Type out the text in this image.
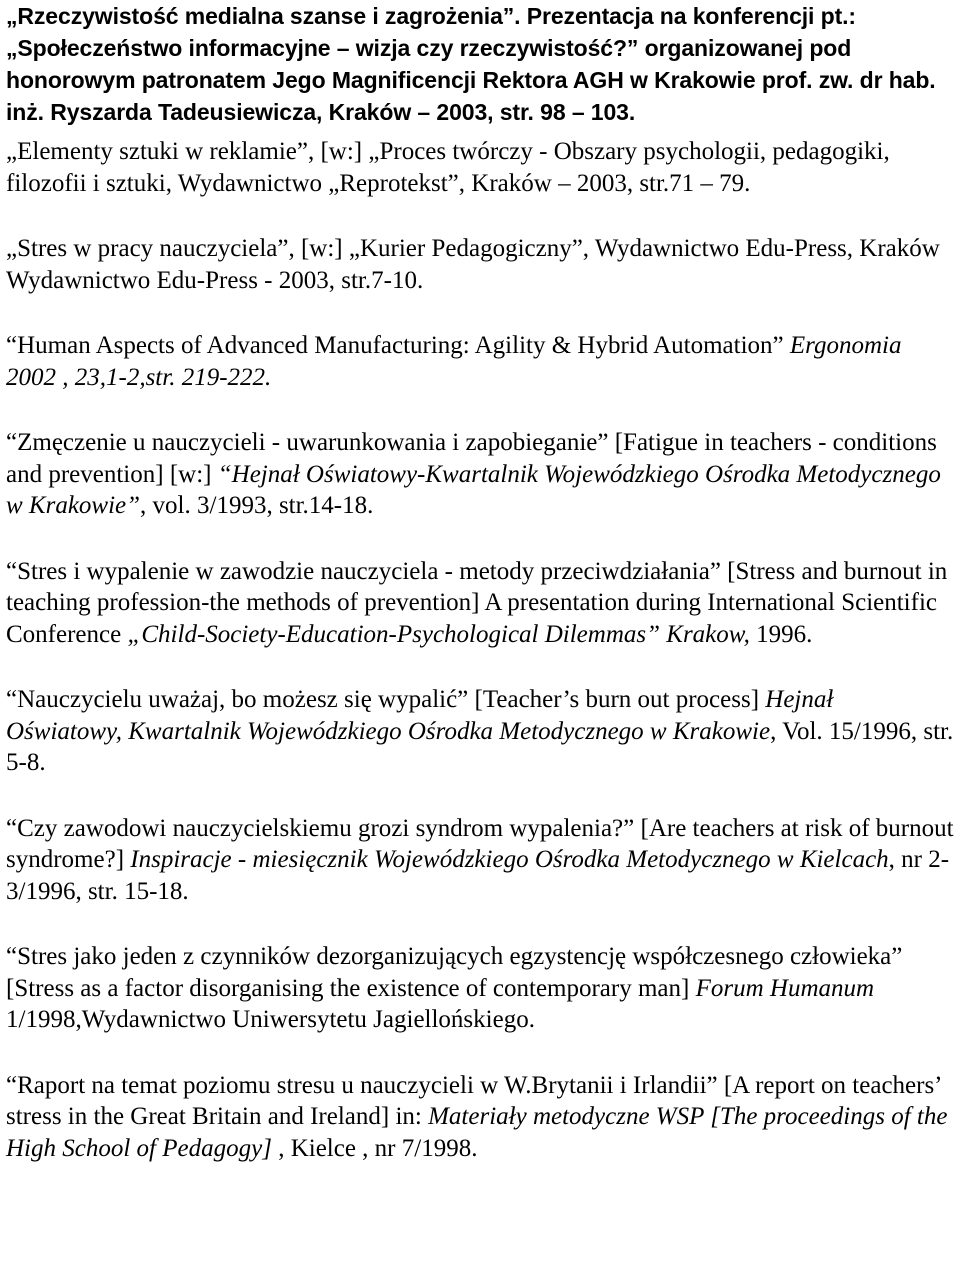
„Rzeczywistość medialna szanse i zagrożenia”. Prezentacja na konferencji pt.:„Społeczeństwo informacyjne – wizja czy rzeczywistość?” organizowanej pod honorowym patronatem Jego Magnificencji Rektora AGH w Krakowie prof. zw. dr hab. inż. Ryszarda Tadeusiewicza, Kraków – 2003, str. 98 – 103.

„Elementy sztuki w reklamie”, [w:] „Proces twórczy - Obszary psychologii, pedagogiki, filozofii i sztuki, Wydawnictwo „Reprotekst”, Kraków – 2003, str.71 – 79.

„Stres w pracy nauczyciela”, [w:] „Kurier Pedagogiczny”, Wydawnictwo Edu-Press, Kraków Wydawnictwo Edu-Press - 2003, str.7-10.

“Human Aspects of Advanced Manufacturing: Agility & Hybrid Automation” Ergonomia 2002 , 23,1-2,str. 219-222.

“Zmęczenie u nauczycieli - uwarunkowania i zapobieganie” [Fatigue in teachers - conditions and prevention] [w:] “Hejnał Oświatowy-Kwartalnik Wojewódzkiego Ośrodka Metodycznego w Krakowie”, vol. 3/1993, str.14-18.

“Stres i wypalenie w zawodzie nauczyciela - metody przeciwdziałania” [Stress and burnout in teaching profession-the methods of prevention] A presentation during International Scientific Conference „Child-Society-Education-Psychological Dilemmas” Krakow, 1996.

“Nauczycielu uważaj, bo możesz się wypalić” [Teacher’s burn out process] Hejnał Oświatowy, Kwartalnik Wojewódzkiego Ośrodka Metodycznego w Krakowie, Vol. 15/1996, str. 5-8.

“Czy zawodowi nauczycielskiemu grozi syndrom wypalenia?” [Are teachers at risk of burnout syndrome?] Inspiracje - miesięcznik Wojewódzkiego Ośrodka Metodycznego w Kielcach, nr 2-3/1996, str. 15-18.

“Stres jako jeden z czynników dezorganizujących egzystencję współczesnego człowieka” [Stress as a factor disorganising the existence of contemporary man] Forum Humanum 1/1998,Wydawnictwo Uniwersytetu Jagiellońskiego.

“Raport na temat poziomu stresu u nauczycieli w W.Brytanii i Irlandii” [A report on teachers’ stress in the Great Britain and Ireland] in: Materiały metodyczne WSP [The proceedings of the High School of Pedagogy] , Kielce , nr 7/1998.
